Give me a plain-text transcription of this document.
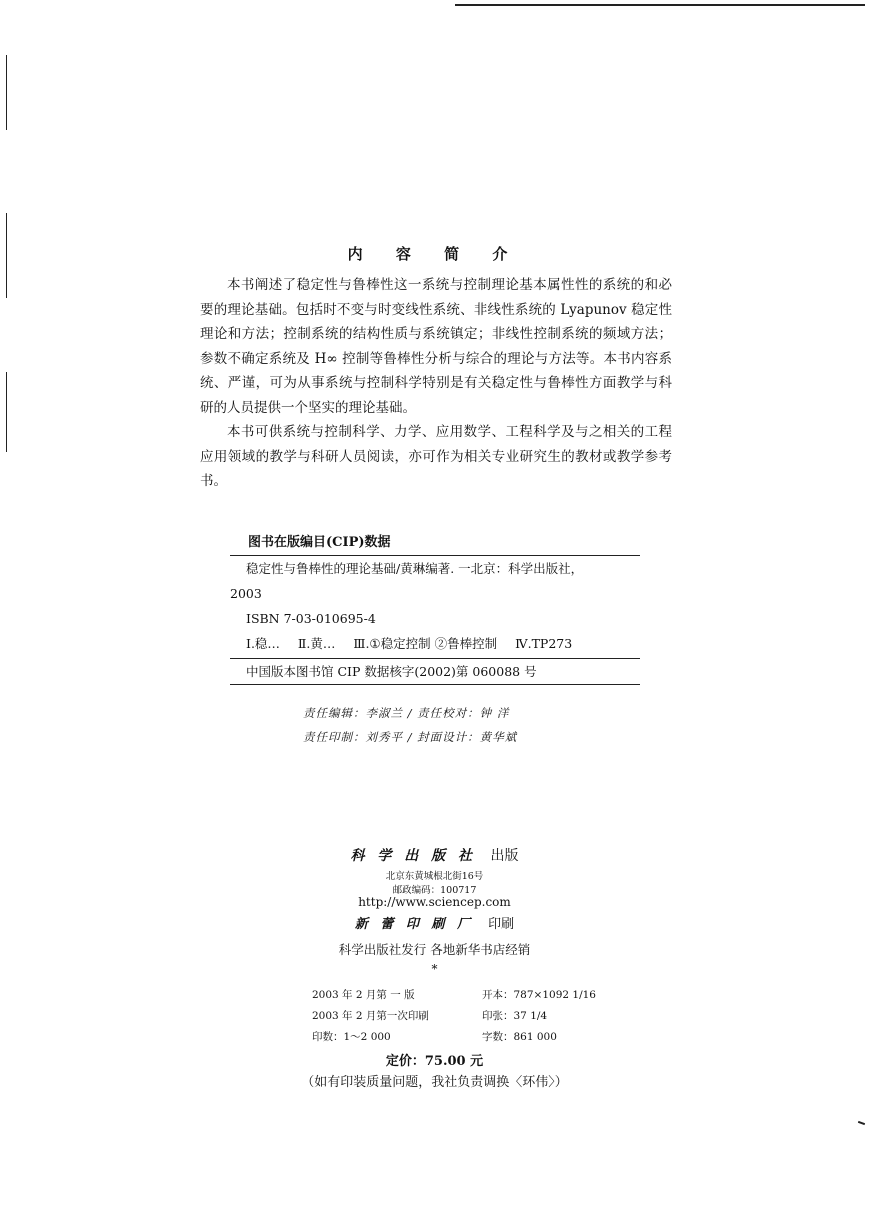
内 容 简 介

本书阐述了稳定性与鲁棒性这一系统与控制理论基本属性性的系统的和必要的理论基础。包括时不变与时变线性系统、非线性系统的 Lyapunov 稳定性理论和方法；控制系统的结构性质与系统镇定；非线性控制系统的频域方法；参数不确定系统及 H∞ 控制等鲁棒性分析与综合的理论与方法等。本书内容系统、严谨，可为从事系统与控制科学特别是有关稳定性与鲁棒性方面教学与科研的人员提供一个坚实的理论基础。

本书可供系统与控制科学、力学、应用数学、工程科学及与之相关的工程应用领域的教学与科研人员阅读，亦可作为相关专业研究生的教材或教学参考书。

图书在版编目(CIP)数据
稳定性与鲁棒性的理论基础/黄琳编著. 一北京：科学出版社，
2003
ISBN 7-03-010695-4
Ⅰ.稳… Ⅱ.黄… Ⅲ.①稳定控制 ②鲁棒控制 Ⅳ.TP273
中国版本图书馆 CIP 数据核字(2002)第 060088 号
责任编辑：李淑兰 / 责任校对：钟 洋
责任印制：刘秀平 / 封面设计：黄华斌
科 学 出 版 社 出版
北京东黄城根北街16号
邮政编码：100717
http://www.sciencep.com
新 蕾 印 刷 厂 印刷
科学出版社发行 各地新华书店经销
*
2003 年 2 月第 一 版	开本：787×1092 1/16
2003 年 2 月第一次印刷	印张：37 1/4
印数：1～2 000	字数：861 000
定价：75.00 元
（如有印装质量问题，我社负责调换〈环伟〉）
